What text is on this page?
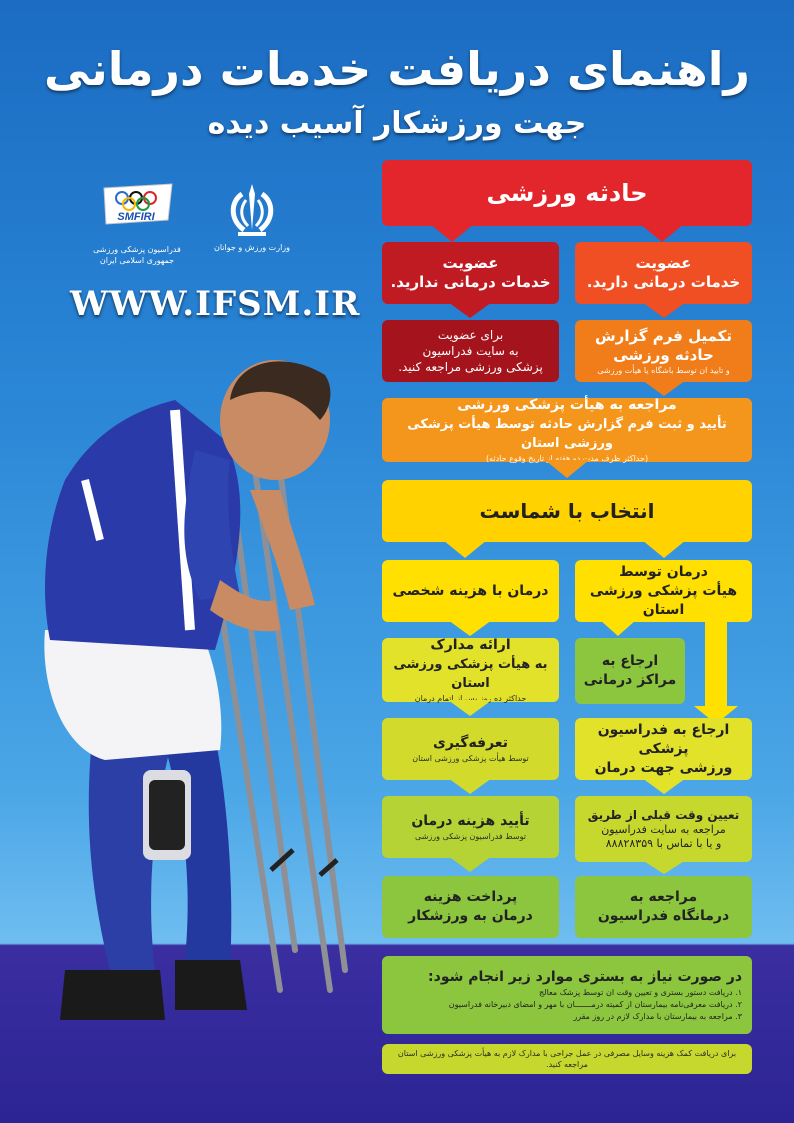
راهنمای دریافت خدمات درمانی
جهت ورزشکار آسیب دیده
SMFIRI
فدراسیون پزشکی ورزشی
جمهوری اسلامی ایران
وزارت ورزش و جوانان
WWW.IFSM.IR
حادثه ورزشی
عضویت
خدمات درمانی دارید.
عضویت
خدمات درمانی ندارید.
تکمیل فرم گزارش
حادثه ورزشی
و تایید ان توسط باشگاه یا هیأت ورزشی
برای عضویت
به سایت فدراسیون
پزشکی ورزشی مراجعه کنید.
مراجعه به هیأت پزشکی ورزشی
تأیید و ثبت فرم گزارش حادثه توسط هیأت پزشکی ورزشی استان
(حداکثر ظرف مدت دو هفته از تاریخ وقوع حادثه)
انتخاب با شماست
درمان توسط
هیأت پزشکی ورزشی استان
درمان با هزینه شخصی
ارجاع به
مراکز درمانی
ارائه مدارک
به هیأت پزشکی ورزشی استان
حداکثر ده روز پس از اتمام درمان
ارجاع به فدراسیون پزشکی
ورزشی جهت درمان
تعرفه‌گیری
توسط هیأت پزشکی ورزشی استان
تعیین وقت قبلی از طریق
مراجعه به سایت فدراسیون
و یا با تماس با ۸۸۸۲۸۳۵۹
تأیید هزینه درمان
توسط فدراسیون پزشکی ورزشی
مراجعه به
درمانگاه فدراسیون
پرداخت هزینه
درمان به ورزشکار
در صورت نیاز به بستری موارد زیر انجام شود:
۱. دریافت دستور بستری و تعیین وقت ان توسط پزشک معالج
۲. دریافت معرفی‌نامه بیمارستان از کمیته درمـــــــان با مهر و امضای دبیرخانه فدراسیون
۳. مراجعه به بیمارستان با مدارک لازم در روز مقرر
برای دریافت کمک هزینه وسایل مصرفی در عمل جراحی با مدارک لازم به هیأت پزشکی ورزشی استان مراجعه کنید.
